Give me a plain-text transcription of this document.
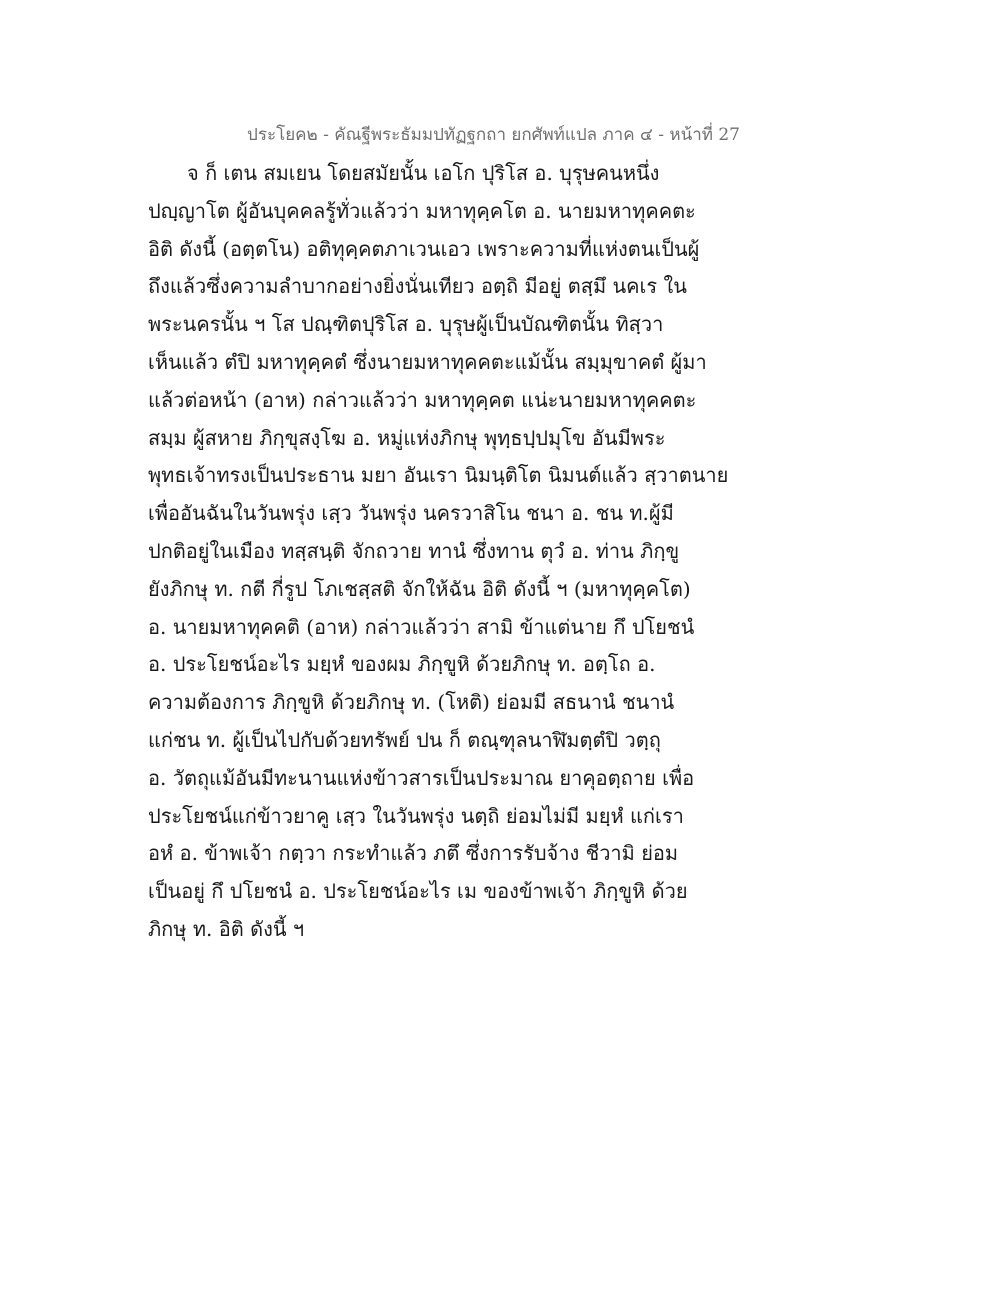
ประโยค๒ - คัณฐีพระธัมมปทัฏฐกถา ยกศัพท์แปล ภาค ๔ - หน้าที่ 27
จ ก็ เตน สมเยน โดยสมัยนั้น เอโก ปุริโส อ. บุรุษคนหนึ่ง
ปญฺญาโต ผู้อันบุคคลรู้ทั่วแล้วว่า มหาทุคฺคโต อ. นายมหาทุคคตะ
อิติ ดังนี้ (อตฺตโน) อติทุคฺคตภาเวนเอว เพราะความที่แห่งตนเป็นผู้
ถึงแล้วซึ่งความลำบากอย่างยิ่งนั่นเทียว อตฺถิ มีอยู่ ตสฺมึ นคเร ใน
พระนครนั้น ฯ โส ปณฺฑิตปุริโส อ. บุรุษผู้เป็นบัณฑิตนั้น ทิสฺวา
เห็นแล้ว ตํปิ มหาทุคฺคตํ ซึ่งนายมหาทุคคตะแม้นั้น สมฺมุขาคตํ ผู้มา
แล้วต่อหน้า (อาห) กล่าวแล้วว่า มหาทุคฺคต แน่ะนายมหาทุคคตะ
สมฺม ผู้สหาย ภิกฺขุสงฺโฆ อ. หมู่แห่งภิกษุ พุทฺธปฺปมุโข อันมีพระ
พุทธเจ้าทรงเป็นประธาน มยา อันเรา นิมนฺติโต นิมนต์แล้ว สฺวาตนาย
เพื่ออันฉันในวันพรุ่ง เสฺว วันพรุ่ง นครวาสิโน ชนา อ. ชน ท.ผู้มี
ปกติอยู่ในเมือง ทสฺสนฺติ จักถวาย ทานํ ซึ่งทาน ตุวํ อ. ท่าน ภิกฺขู
ยังภิกษุ ท. กตี กี่รูป โภเชสฺสติ จักให้ฉัน อิติ ดังนี้ ฯ (มหาทุคฺคโต)
อ. นายมหาทุคคติ (อาห) กล่าวแล้วว่า สามิ ข้าแต่นาย กึ ปโยชนํ
อ. ประโยชน์อะไร มยฺหํ ของผม ภิกฺขูหิ ด้วยภิกษุ ท. อตฺโถ อ.
ความต้องการ ภิกฺขูหิ ด้วยภิกษุ ท. (โหติ) ย่อมมี สธนานํ ชนานํ
แก่ชน ท. ผู้เป็นไปกับด้วยทรัพย์ ปน ก็ ตณฺฑุลนาฬิมตฺตํปิ วตฺถุ
อ. วัตถุแม้อันมีทะนานแห่งข้าวสารเป็นประมาณ ยาคุอตฺถาย เพื่อ
ประโยชน์แก่ข้าวยาคู เสฺว ในวันพรุ่ง นตฺถิ ย่อมไม่มี มยฺหํ แก่เรา
อหํ อ. ข้าพเจ้า กตฺวา กระทำแล้ว ภตึ ซึ่งการรับจ้าง ชีวามิ ย่อม
เป็นอยู่ กึ ปโยชนํ อ. ประโยชน์อะไร เม ของข้าพเจ้า ภิกฺขูหิ ด้วย
ภิกษุ ท. อิติ ดังนี้ ฯ
